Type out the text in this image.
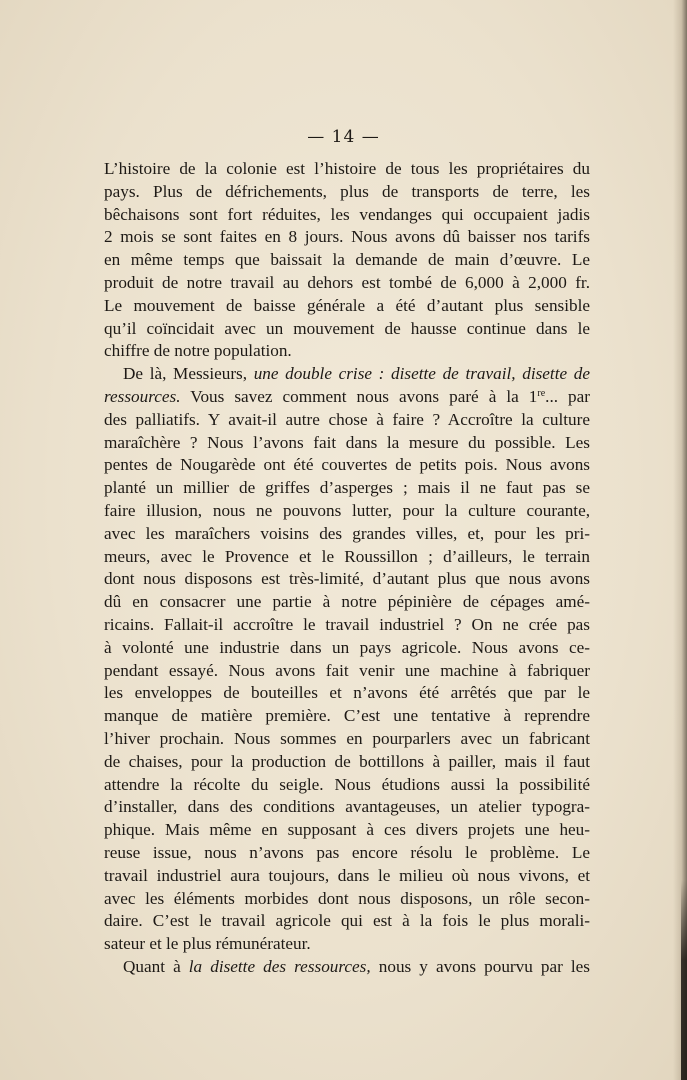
— 14 —
L’histoire de la colonie est l’histoire de tous les propriétaires du
pays. Plus de défrichements, plus de transports de terre, les
bêchaisons sont fort réduites, les vendanges qui occupaient jadis
2 mois se sont faites en 8 jours. Nous avons dû baisser nos tarifs
en même temps que baissait la demande de main d’œuvre. Le
produit de notre travail au dehors est tombé de 6,000 à 2,000 fr.
Le mouvement de baisse générale a été d’autant plus sensible
qu’il coïncidait avec un mouvement de hausse continue dans le
chiffre de notre population.
De là, Messieurs, une double crise : disette de travail, disette de
ressources. Vous savez comment nous avons paré à la 1re... par
des palliatifs. Y avait-il autre chose à faire ? Accroître la culture
maraîchère ? Nous l’avons fait dans la mesure du possible. Les
pentes de Nougarède ont été couvertes de petits pois. Nous avons
planté un millier de griffes d’asperges ; mais il ne faut pas se
faire illusion, nous ne pouvons lutter, pour la culture courante,
avec les maraîchers voisins des grandes villes, et, pour les pri-
meurs, avec le Provence et le Roussillon ; d’ailleurs, le terrain
dont nous disposons est très-limité, d’autant plus que nous avons
dû en consacrer une partie à notre pépinière de cépages amé-
ricains. Fallait-il accroître le travail industriel ? On ne crée pas
à volonté une industrie dans un pays agricole. Nous avons ce-
pendant essayé. Nous avons fait venir une machine à fabriquer
les enveloppes de bouteilles et n’avons été arrêtés que par le
manque de matière première. C’est une tentative à reprendre
l’hiver prochain. Nous sommes en pourparlers avec un fabricant
de chaises, pour la production de bottillons à pailler, mais il faut
attendre la récolte du seigle. Nous étudions aussi la possibilité
d’installer, dans des conditions avantageuses, un atelier typogra-
phique. Mais même en supposant à ces divers projets une heu-
reuse issue, nous n’avons pas encore résolu le problème. Le
travail industriel aura toujours, dans le milieu où nous vivons, et
avec les éléments morbides dont nous disposons, un rôle secon-
daire. C’est le travail agricole qui est à la fois le plus morali-
sateur et le plus rémunérateur.
Quant à la disette des ressources, nous y avons pourvu par les
